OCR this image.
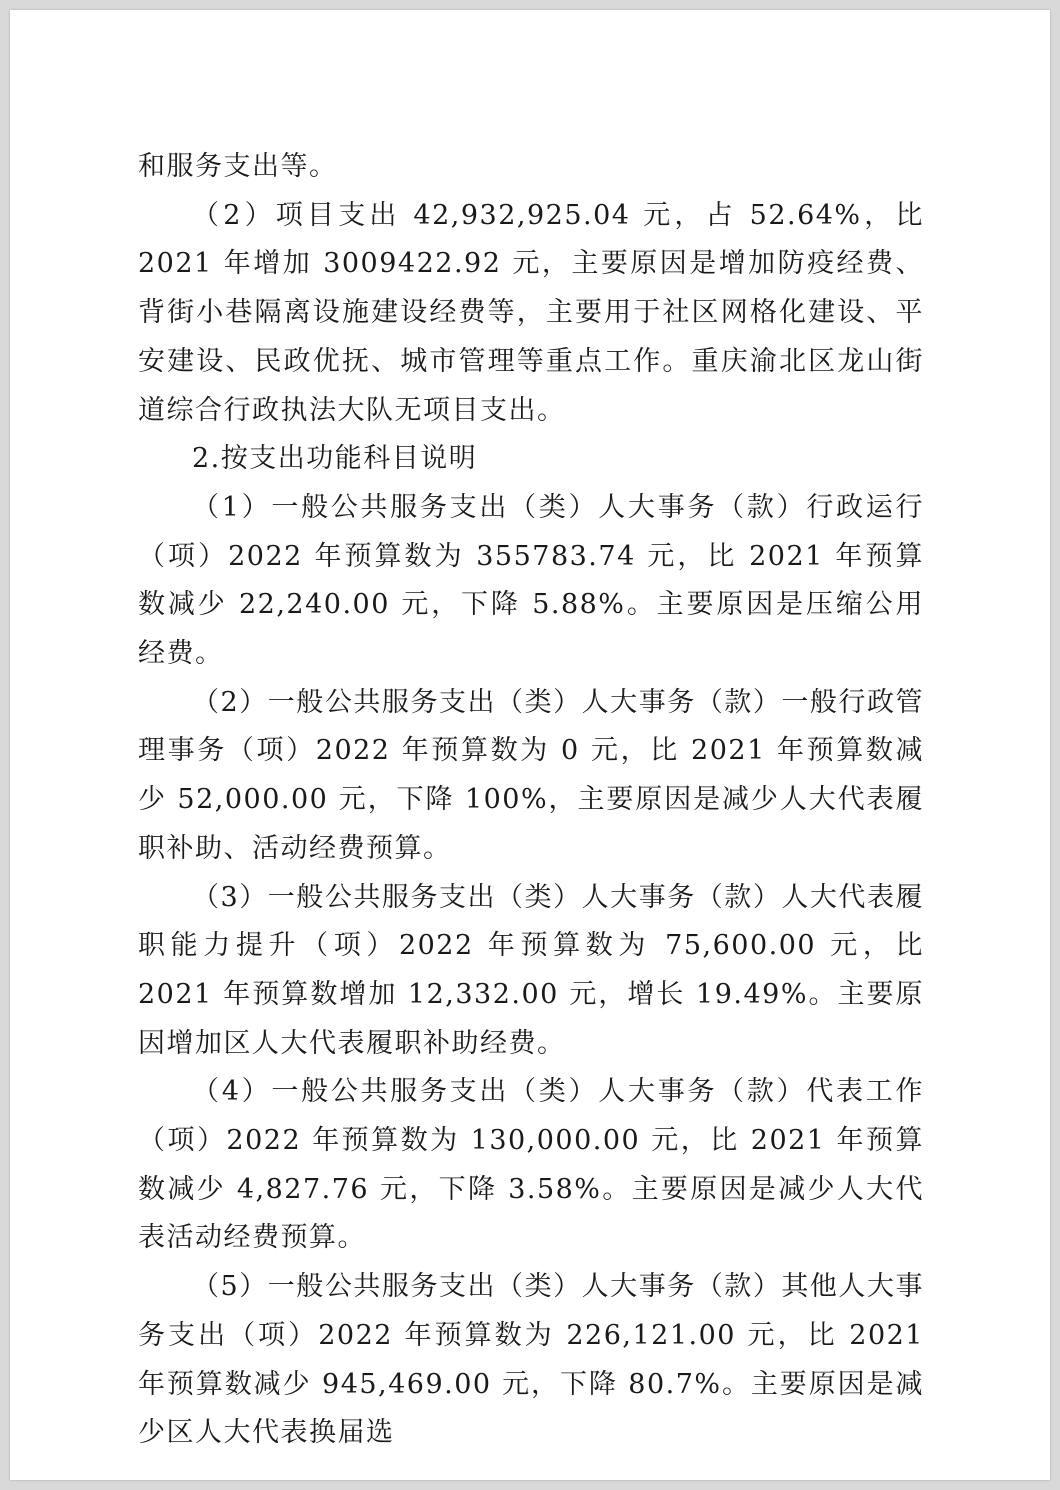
和服务支出等。

（2）项目支出 42,932,925.04 元，占 52.64%，比 2021 年增加 3009422.92 元，主要原因是增加防疫经费、背街小巷隔离设施建设经费等，主要用于社区网格化建设、平安建设、民政优抚、城市管理等重点工作。重庆渝北区龙山街道综合行政执法大队无项目支出。

2.按支出功能科目说明

（1）一般公共服务支出（类）人大事务（款）行政运行（项）2022 年预算数为 355783.74 元，比 2021 年预算数减少 22,240.00 元，下降 5.88%。主要原因是压缩公用经费。

（2）一般公共服务支出（类）人大事务（款）一般行政管理事务（项）2022 年预算数为 0 元，比 2021 年预算数减少 52,000.00 元，下降 100%，主要原因是减少人大代表履职补助、活动经费预算。

（3）一般公共服务支出（类）人大事务（款）人大代表履职能力提升（项）2022 年预算数为 75,600.00 元，比 2021 年预算数增加 12,332.00 元，增长 19.49%。主要原因增加区人大代表履职补助经费。

（4）一般公共服务支出（类）人大事务（款）代表工作（项）2022 年预算数为 130,000.00 元，比 2021 年预算数减少 4,827.76 元，下降 3.58%。主要原因是减少人大代表活动经费预算。

（5）一般公共服务支出（类）人大事务（款）其他人大事务支出（项）2022 年预算数为 226,121.00 元，比 2021 年预算数减少 945,469.00 元，下降 80.7%。主要原因是减少区人大代表换届选
